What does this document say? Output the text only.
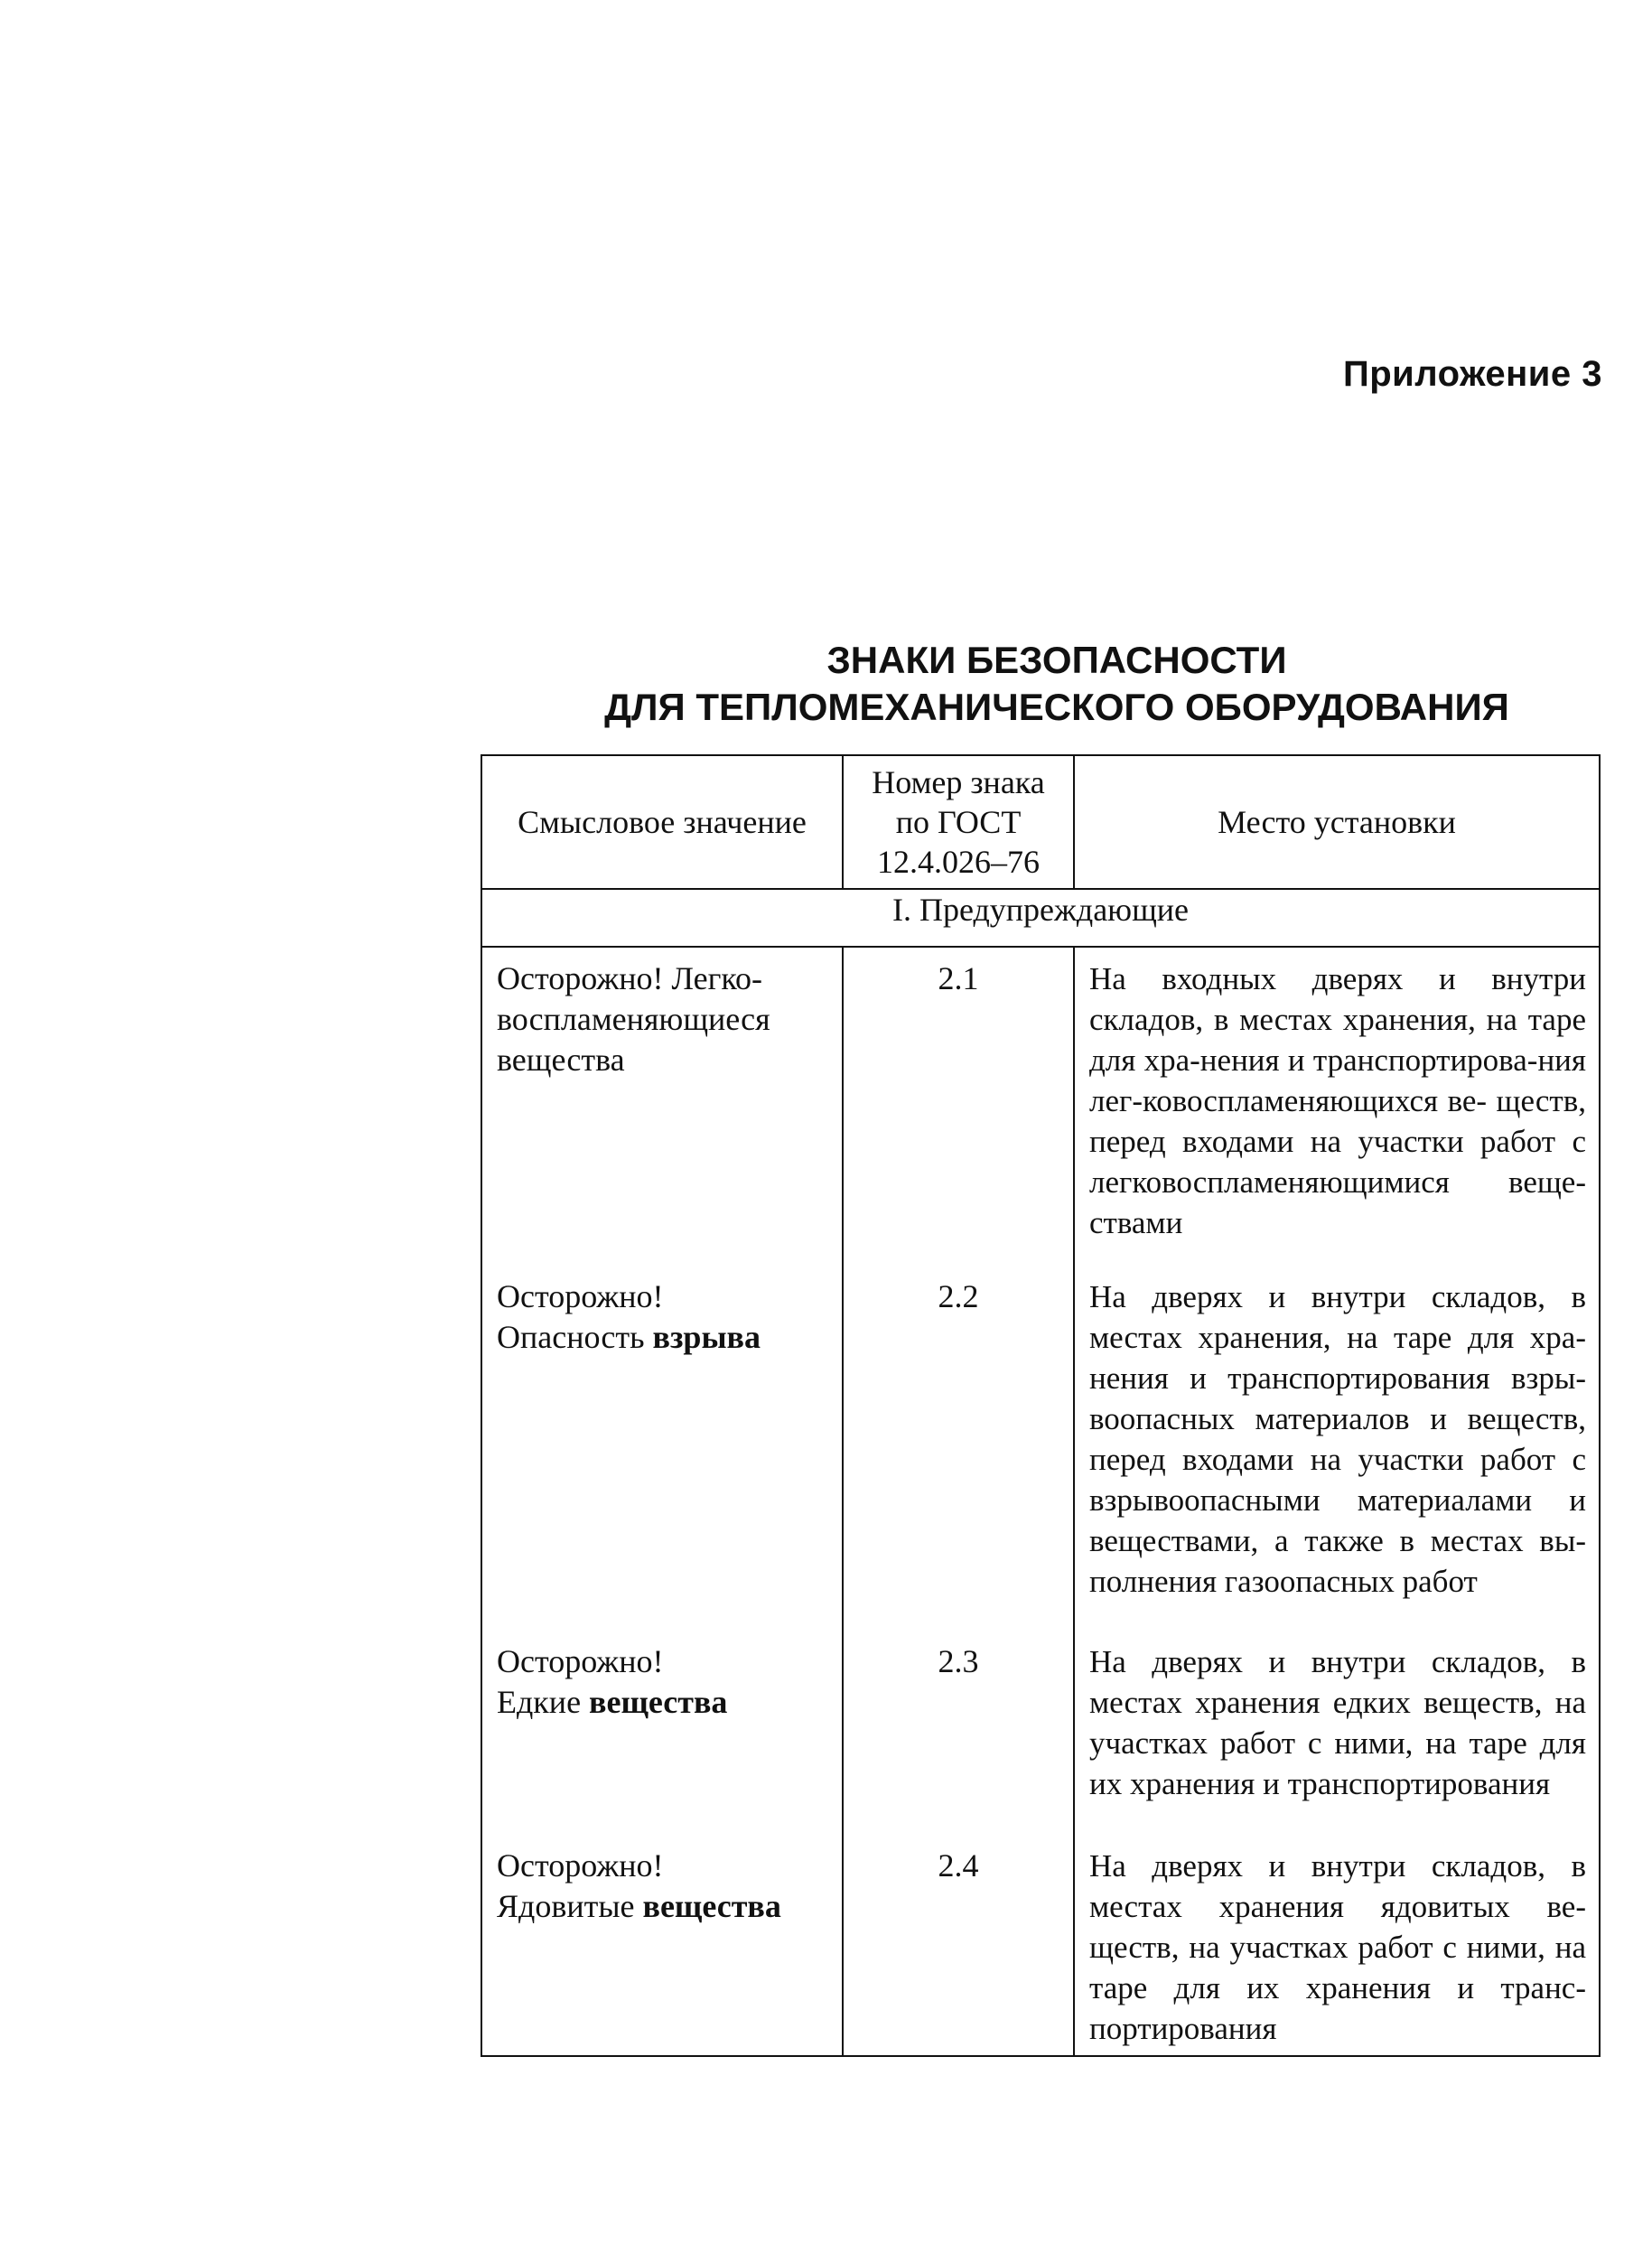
Приложение 3
ЗНАКИ БЕЗОПАСНОСТИ
ДЛЯ ТЕПЛОМЕХАНИЧЕСКОГО ОБОРУДОВАНИЯ
Смысловое значение	Номер знака
по ГОСТ
12.4.026–76	Место установки
I. Предупреждающие		
Осторожно! Легко-
воспламеняющиеся
вещества	2.1	На входных дверях и внутри складов, в местах хранения, на таре для хра-нения и транспортирова-ния лег-ковоспламеняющихся ве- ществ, перед входами на участки работ с легковоспламеняющимися веще-ствами
Осторожно!
Опасность взрыва	2.2	На дверях и внутри складов, в местах хранения, на таре для хра-нения и транспортирования взры-воопасных материалов и веществ, перед входами на участки работ с взрывоопасными материалами и веществами, а также в местах вы-полнения газоопасных работ
Осторожно!
Едкие вещества	2.3	На дверях и внутри складов, в местах хранения едких веществ, на участках работ с ними, на таре для их хранения и транспортирования
Осторожно!
Ядовитые вещества	2.4	На дверях и внутри складов, в местах хранения ядовитых ве-ществ, на участках работ с ними, на таре для их хранения и транс-портирования
